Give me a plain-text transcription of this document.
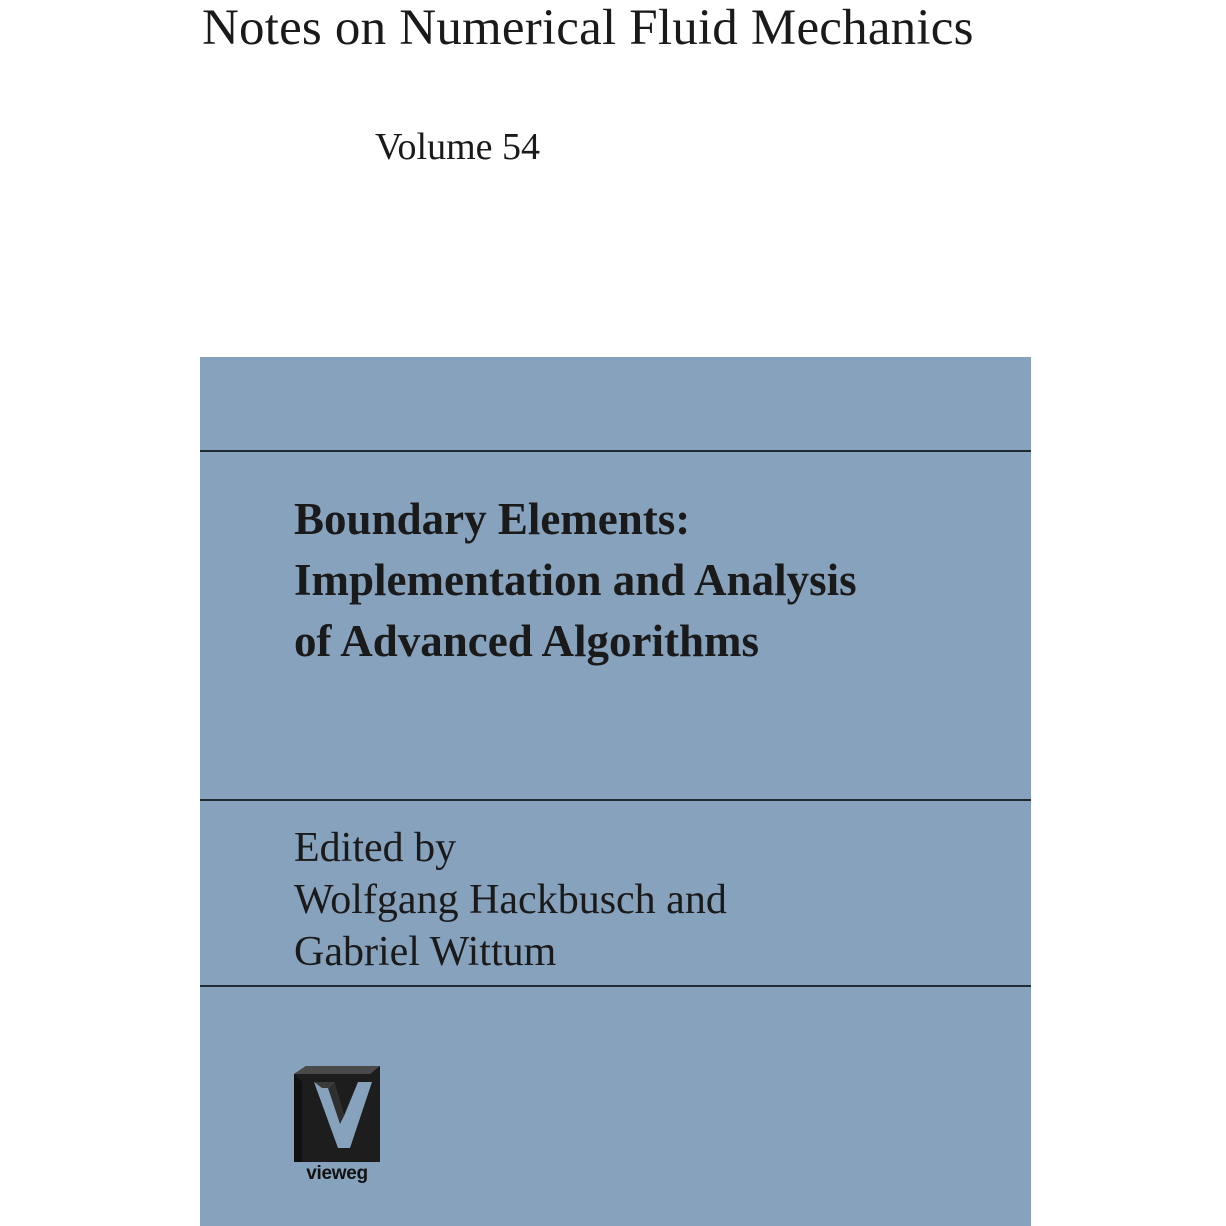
Notes on Numerical Fluid Mechanics
Volume 54
Boundary Elements:
Implementation and Analysis
of Advanced Algorithms
Edited by
Wolfgang Hackbusch and
Gabriel Wittum
vieweg
